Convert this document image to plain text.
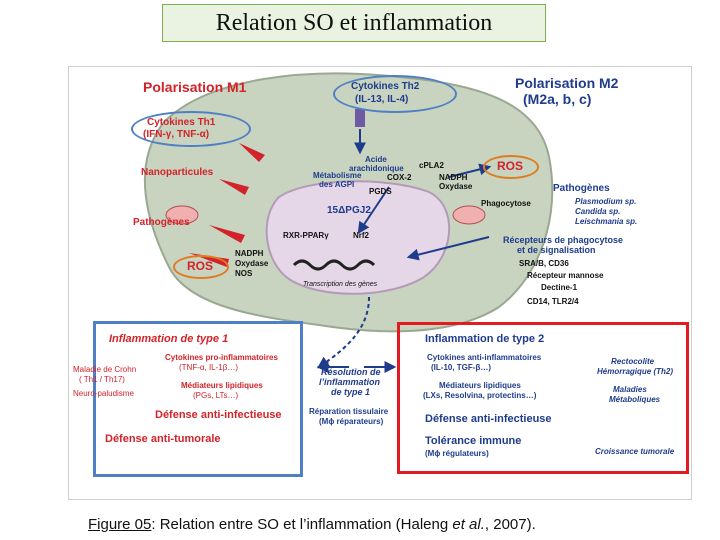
Relation SO et inflammation
Polarisation M1	Polarisation M2
(M2a, b, c)
Cytokines Th2
(IL-13, IL-4)
Cytokines Th1
(IFN-γ, TNF-α)
Nanoparticules
Pathogènes
ROS
ROS
NADPH
Oxydase
NOS
Acide
arachidonique cPLA2
Métabolisme
des AGPI
COX-2
PGDS
15ΔPGJ2
NADPH
Oxydase
RXR-PPARγ	Nrf2
Transcription des gènes
Pathogènes
Phagocytose	Plasmodium sp.
Candida sp.
Leischmania sp.
Récepteurs de phagocytose
et de signalisation
SRA/B, CD36
Récepteur mannose
Dectine-1
CD14, TLR2/4
Inflammation de type 1
Maladie de Crohn
( Th1 / Th17)
Neuro-paludisme
Cytokines pro-inflammatoires
(TNF-α, IL-1β…)
Médiateurs lipidiques
(PGs, LTs…)
Défense anti-infectieuse
Défense anti-tumorale
Résolution de
l’inflammation
de type 1
Réparation tissulaire
(Mϕ réparateurs)
Inflammation de type 2
Cytokines anti-inflammatoires
(IL-10, TGF-β…)
Médiateurs lipidiques
(LXs, Resolvina, protectins…)
Défense anti-infectieuse
Tolérance immune
(Mϕ régulateurs)
Rectocolite
Hémorragique (Th2)
Maladies
Métaboliques
Croissance tumorale
Figure 05: Relation entre SO et l’inflammation (Haleng et al., 2007).
